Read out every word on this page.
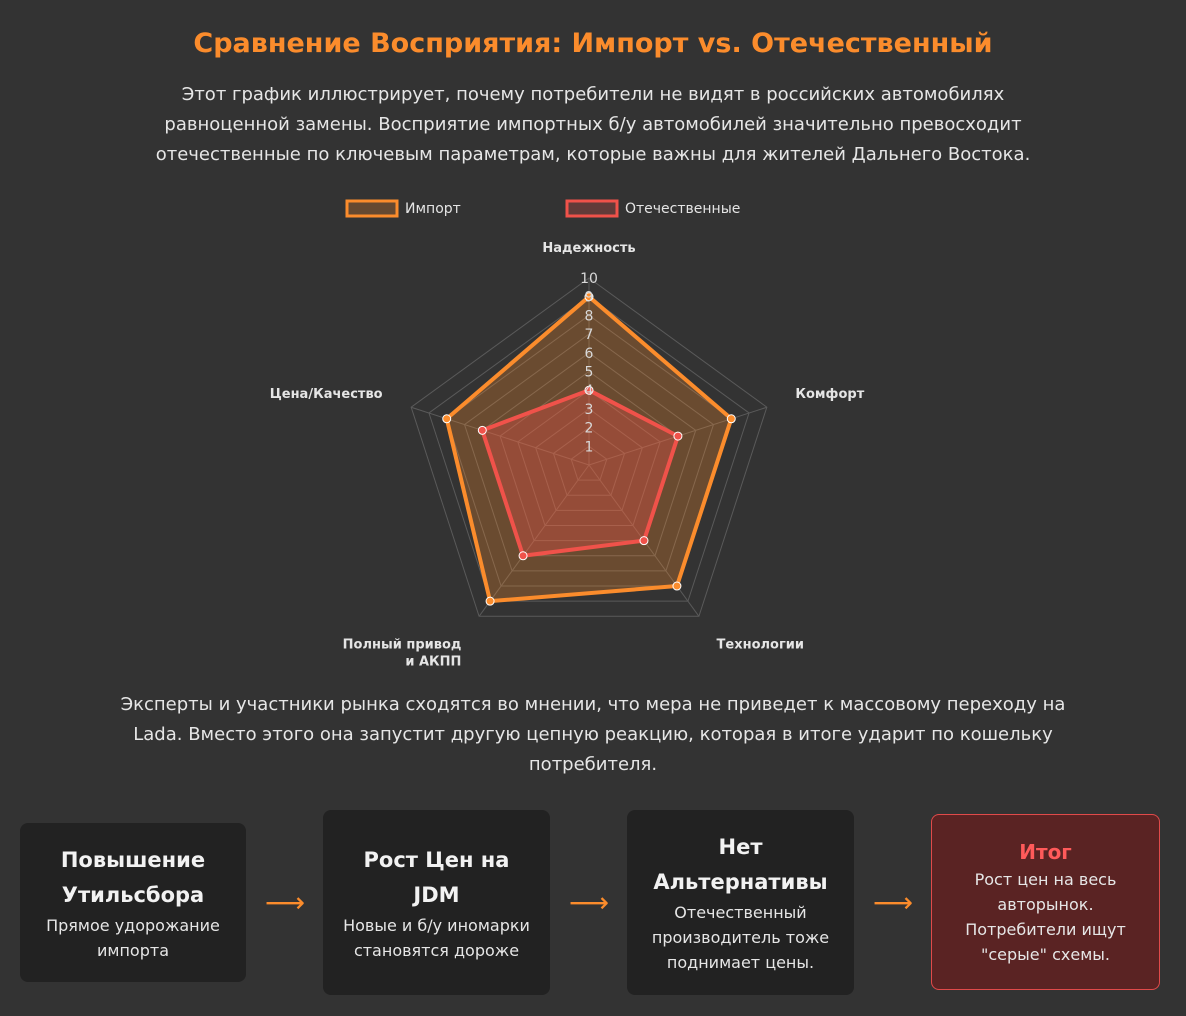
Сравнение Восприятия: Импорт vs. Отечественный

Этот график иллюстрирует, почему потребители не видят в российских автомобилях равноценной замены. Восприятие импортных б/у автомобилей значительно превосходит отечественные по ключевым параметрам, которые важны для жителей Дальнего Востока.

Импорт	Отечественные
1
2
3
4
5
6
7
8
9
10
Надежность
Комфорт
Технологии
Полный привод и АКПП
Цена/Качество

Эксперты и участники рынка сходятся во мнении, что мера не приведет к массовому переходу на Lada. Вместо этого она запустит другую цепную реакцию, которая в итоге ударит по кошельку потребителя.

Повышение Утильсбора
Прямое удорожание импорта
⟶
Рост Цен на JDM
Новые и б/у иномарки становятся дороже
⟶
Нет Альтернативы
Отечественный производитель тоже поднимает цены.
⟶
Итог
Рост цен на весь авторынок. Потребители ищут "серые" схемы.
